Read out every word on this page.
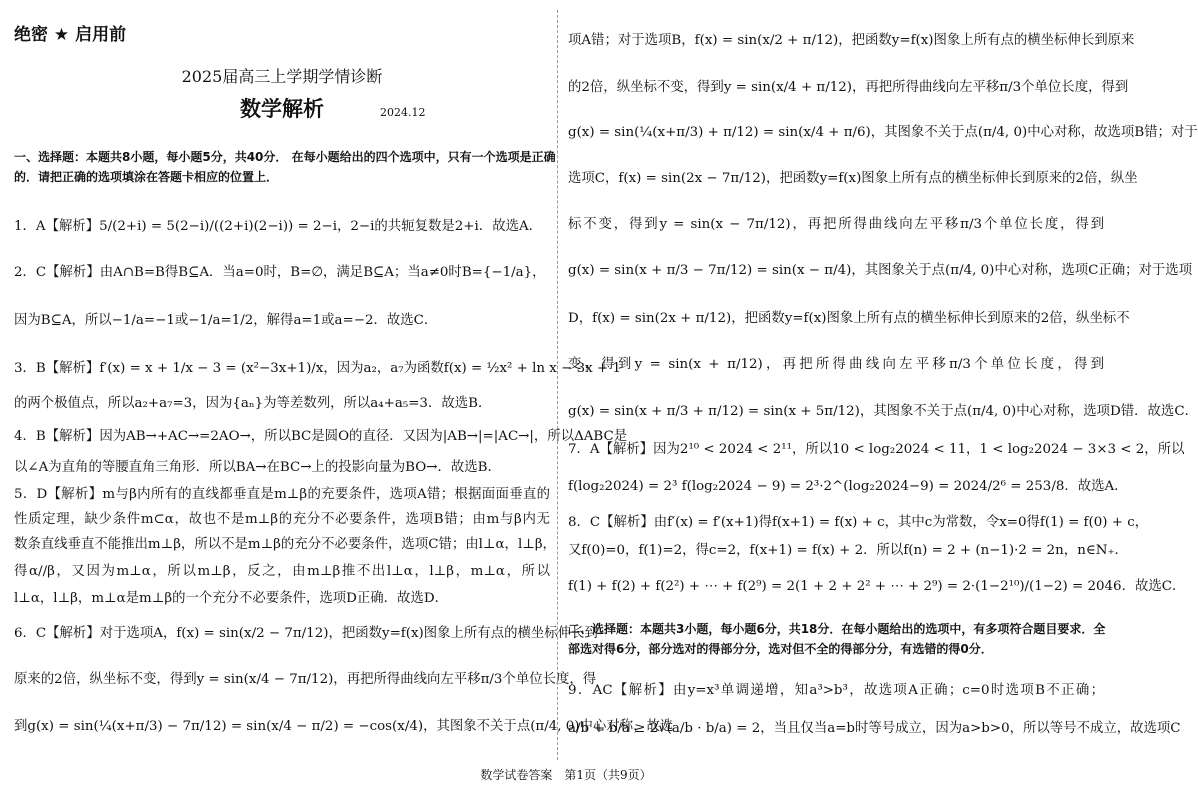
绝密 ★ 启用前
2025届高三上学期学情诊断
数学解析	2024.12
一、选择题：本题共8小题，每小题5分，共40分． 在每小题给出的四个选项中，只有一个选项是正确
的．请把正确的选项填涂在答题卡相应的位置上．
1．A【解析】5/(2+i) = 5(2−i)/((2+i)(2−i)) = 2−i，2−i的共轭复数是2+i．故选A．
2．C【解析】由A∩B=B得B⊆A．当a=0时，B=∅，满足B⊆A；当a≠0时B={−1/a}，
因为B⊆A，所以−1/a=−1或−1/a=1/2，解得a=1或a=−2．故选C．
3．B【解析】f′(x) = x + 1/x − 3 = (x²−3x+1)/x，因为a₂，a₇为函数f(x) = ½x² + ln x − 3x + 1
的两个极值点，所以a₂+a₇=3，因为{aₙ}为等差数列，所以a₄+a₅=3．故选B．
4．B【解析】因为AB→+AC→=2AO→，所以BC是圆O的直径．又因为|AB→|=|AC→|，所以ΔABC是
以∠A为直角的等腰直角三角形．所以BA→在BC→上的投影向量为BO→．故选B．
5．D【解析】m与β内所有的直线都垂直是m⊥β的充要条件，选项A错；根据面面垂直的
性质定理，缺少条件m⊂α，故也不是m⊥β的充分不必要条件，选项B错；由m与β内无
数条直线垂直不能推出m⊥β，所以不是m⊥β的充分不必要条件，选项C错；由l⊥α，l⊥β，
得α//β，又因为m⊥α，所以m⊥β，反之，由m⊥β推不出l⊥α，l⊥β，m⊥α，所以
l⊥α，l⊥β，m⊥α是m⊥β的一个充分不必要条件，选项D正确．故选D．
6．C【解析】对于选项A，f(x) = sin(x/2 − 7π/12)，把函数y=f(x)图象上所有点的横坐标伸长到
原来的2倍，纵坐标不变，得到y = sin(x/4 − 7π/12)，再把所得曲线向左平移π/3个单位长度，得
到g(x) = sin(¼(x+π/3) − 7π/12) = sin(x/4 − π/2) = −cos(x/4)，其图象不关于点(π/4, 0)中心对称，故选
项A错；对于选项B，f(x) = sin(x/2 + π/12)，把函数y=f(x)图象上所有点的横坐标伸长到原来
的2倍，纵坐标不变，得到y = sin(x/4 + π/12)，再把所得曲线向左平移π/3个单位长度，得到
g(x) = sin(¼(x+π/3) + π/12) = sin(x/4 + π/6)，其图象不关于点(π/4, 0)中心对称，故选项B错；对于
选项C，f(x) = sin(2x − 7π/12)，把函数y=f(x)图象上所有点的横坐标伸长到原来的2倍，纵坐
标不变，得到y = sin(x − 7π/12)，再把所得曲线向左平移π/3个单位长度，得到
g(x) = sin(x + π/3 − 7π/12) = sin(x − π/4)，其图象关于点(π/4, 0)中心对称，选项C正确；对于选项
D，f(x) = sin(2x + π/12)，把函数y=f(x)图象上所有点的横坐标伸长到原来的2倍，纵坐标不
变，得到y = sin(x + π/12)，再把所得曲线向左平移π/3个单位长度，得到
g(x) = sin(x + π/3 + π/12) = sin(x + 5π/12)，其图象不关于点(π/4, 0)中心对称，选项D错．故选C．
7．A【解析】因为2¹⁰ < 2024 < 2¹¹，所以10 < log₂2024 < 11，1 < log₂2024 − 3×3 < 2，所以
f(log₂2024) = 2³ f(log₂2024 − 9) = 2³·2^(log₂2024−9) = 2024/2⁶ = 253/8．故选A．
8．C【解析】由f′(x) = f′(x+1)得f(x+1) = f(x) + c，其中c为常数，令x=0得f(1) = f(0) + c，
又f(0)=0，f(1)=2，得c=2，f(x+1) = f(x) + 2．所以f(n) = 2 + (n−1)·2 = 2n，n∈N₊．
f(1) + f(2) + f(2²) + ⋯ + f(2⁹) = 2(1 + 2 + 2² + ⋯ + 2⁹) = 2·(1−2¹⁰)/(1−2) = 2046．故选C．
二、选择题：本题共3小题，每小题6分，共18分．在每小题给出的选项中，有多项符合题目要求．全
部选对得6分，部分选对的得部分分，选对但不全的得部分分，有选错的得0分．
9．AC【解析】由y=x³单调递增，知a³>b³，故选项A正确；c=0时选项B不正确；
a/b + b/a ≥ 2√(a/b · b/a) = 2，当且仅当a=b时等号成立，因为a>b>0，所以等号不成立，故选项C
数学试卷答案　第1页（共9页）
